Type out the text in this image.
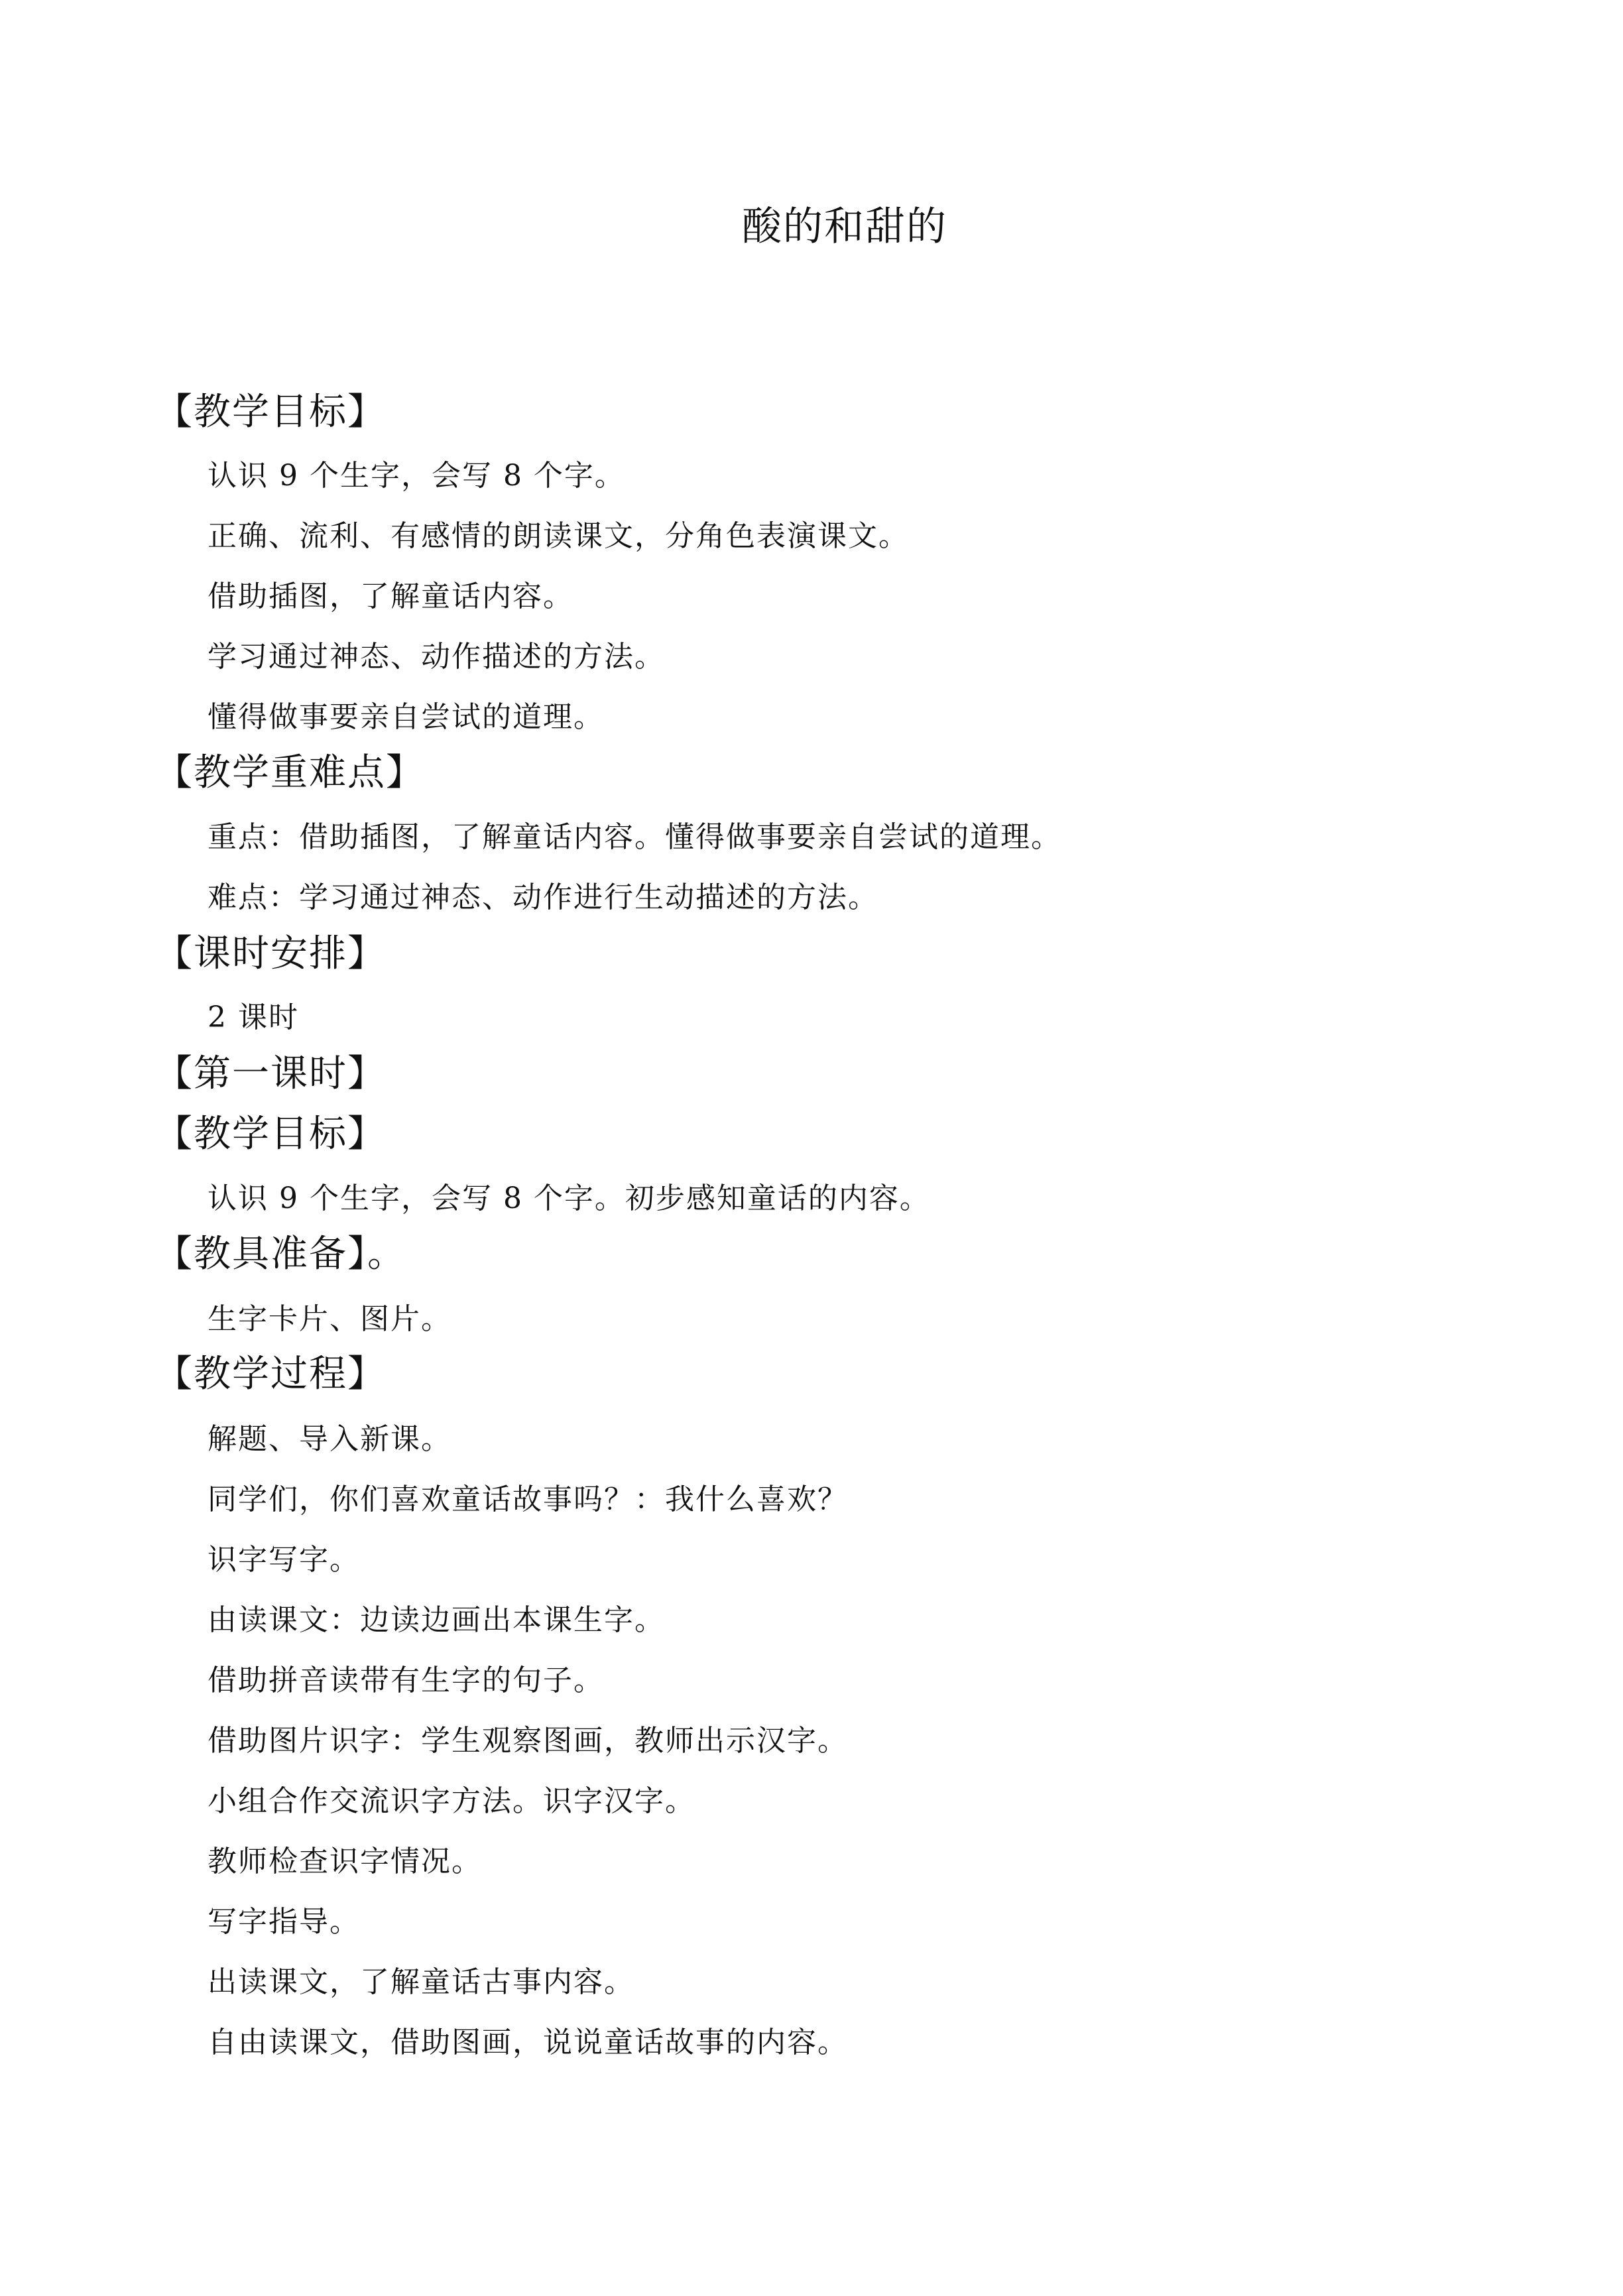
酸的和甜的
【教学目标】
认识 9 个生字，会写 8 个字。
正确、流利、有感情的朗读课文，分角色表演课文。
借助插图，了解童话内容。
学习通过神态、动作描述的方法。
懂得做事要亲自尝试的道理。
【教学重难点】
重点：借助插图，了解童话内容。懂得做事要亲自尝试的道理。
难点：学习通过神态、动作进行生动描述的方法。
【课时安排】
2 课时
【第一课时】
【教学目标】
认识 9 个生字，会写 8 个字。初步感知童话的内容。
【教具准备】。
生字卡片、图片。
【教学过程】
解题、导入新课。
同学们，你们喜欢童话故事吗？：我什么喜欢？
识字写字。
由读课文：边读边画出本课生字。
借助拼音读带有生字的句子。
借助图片识字：学生观察图画，教师出示汉字。
小组合作交流识字方法。识字汉字。
教师检查识字情况。
写字指导。
出读课文，了解童话古事内容。
自由读课文，借助图画，说说童话故事的内容。
